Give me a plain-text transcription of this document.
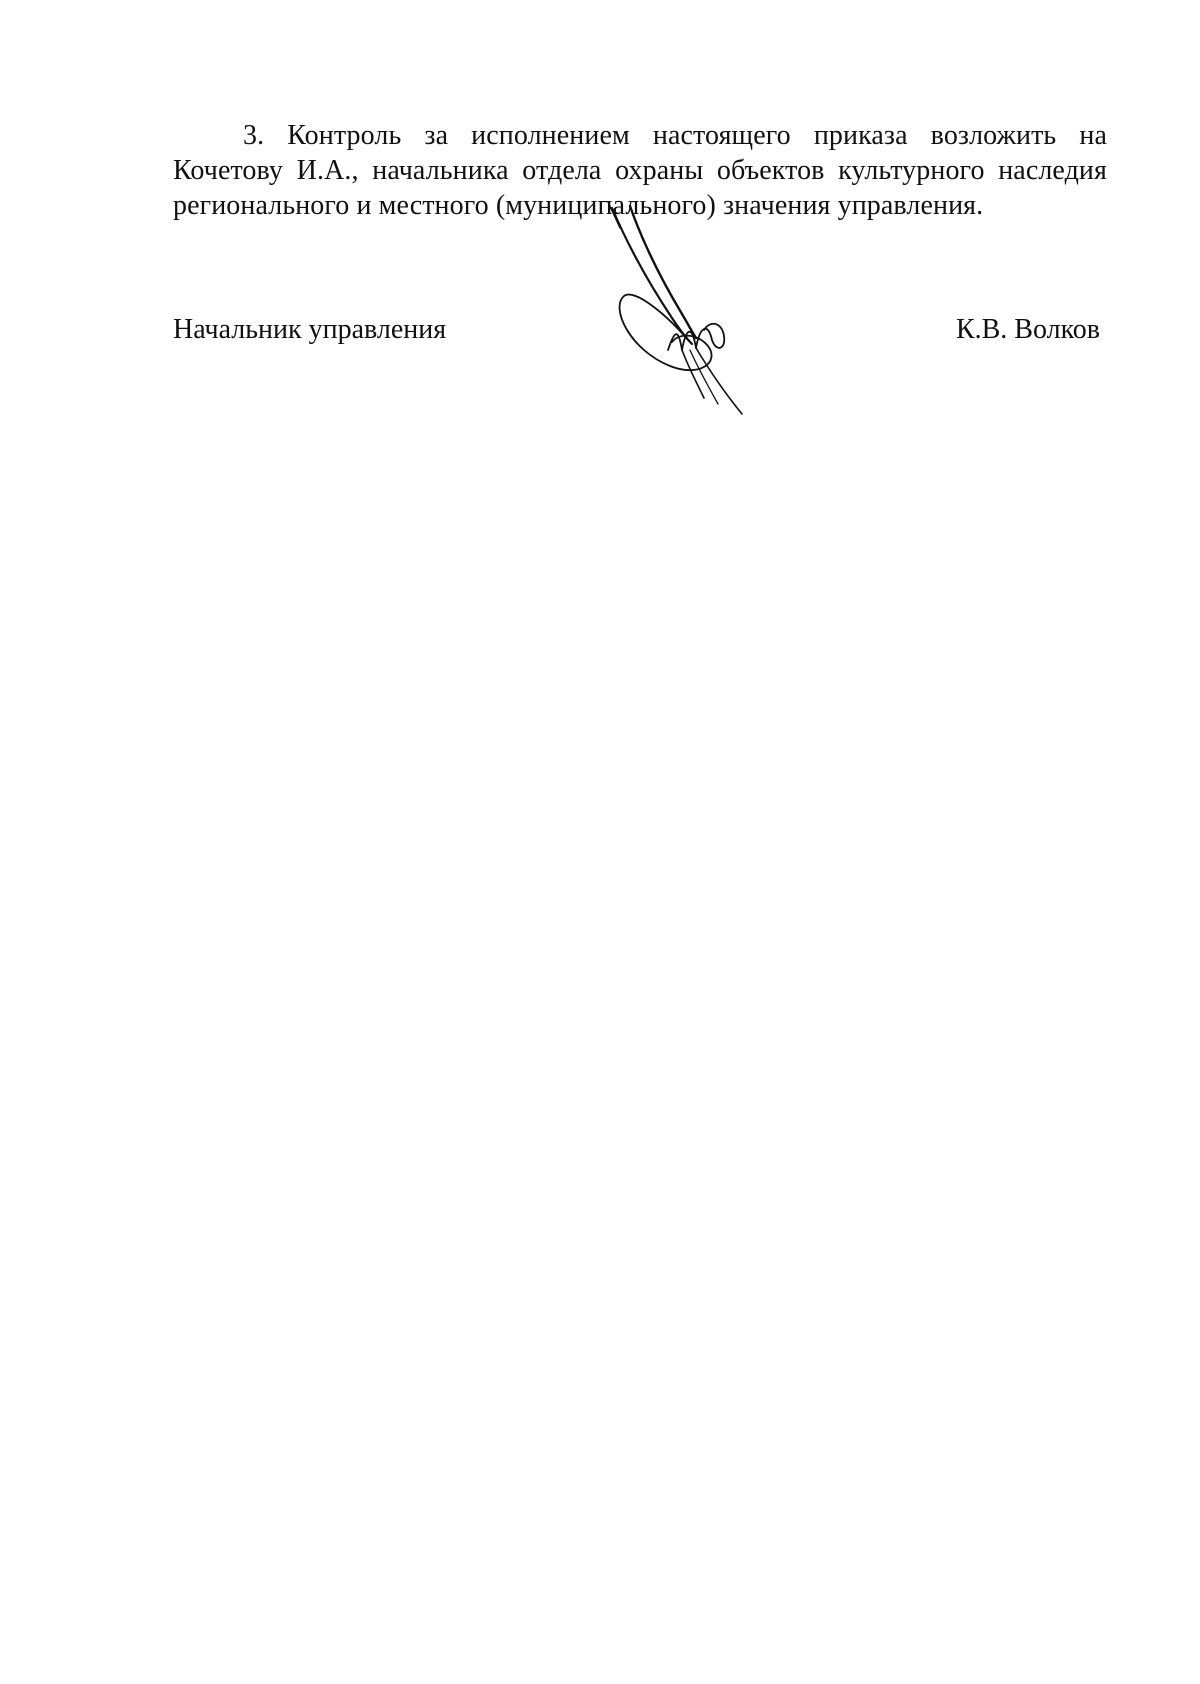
3. Контроль за исполнением настоящего приказа возложить на Кочетову И.А., начальника отдела охраны объектов культурного наследия регионального и местного (муниципального) значения управления.

Начальник управления	К.В. Волков
